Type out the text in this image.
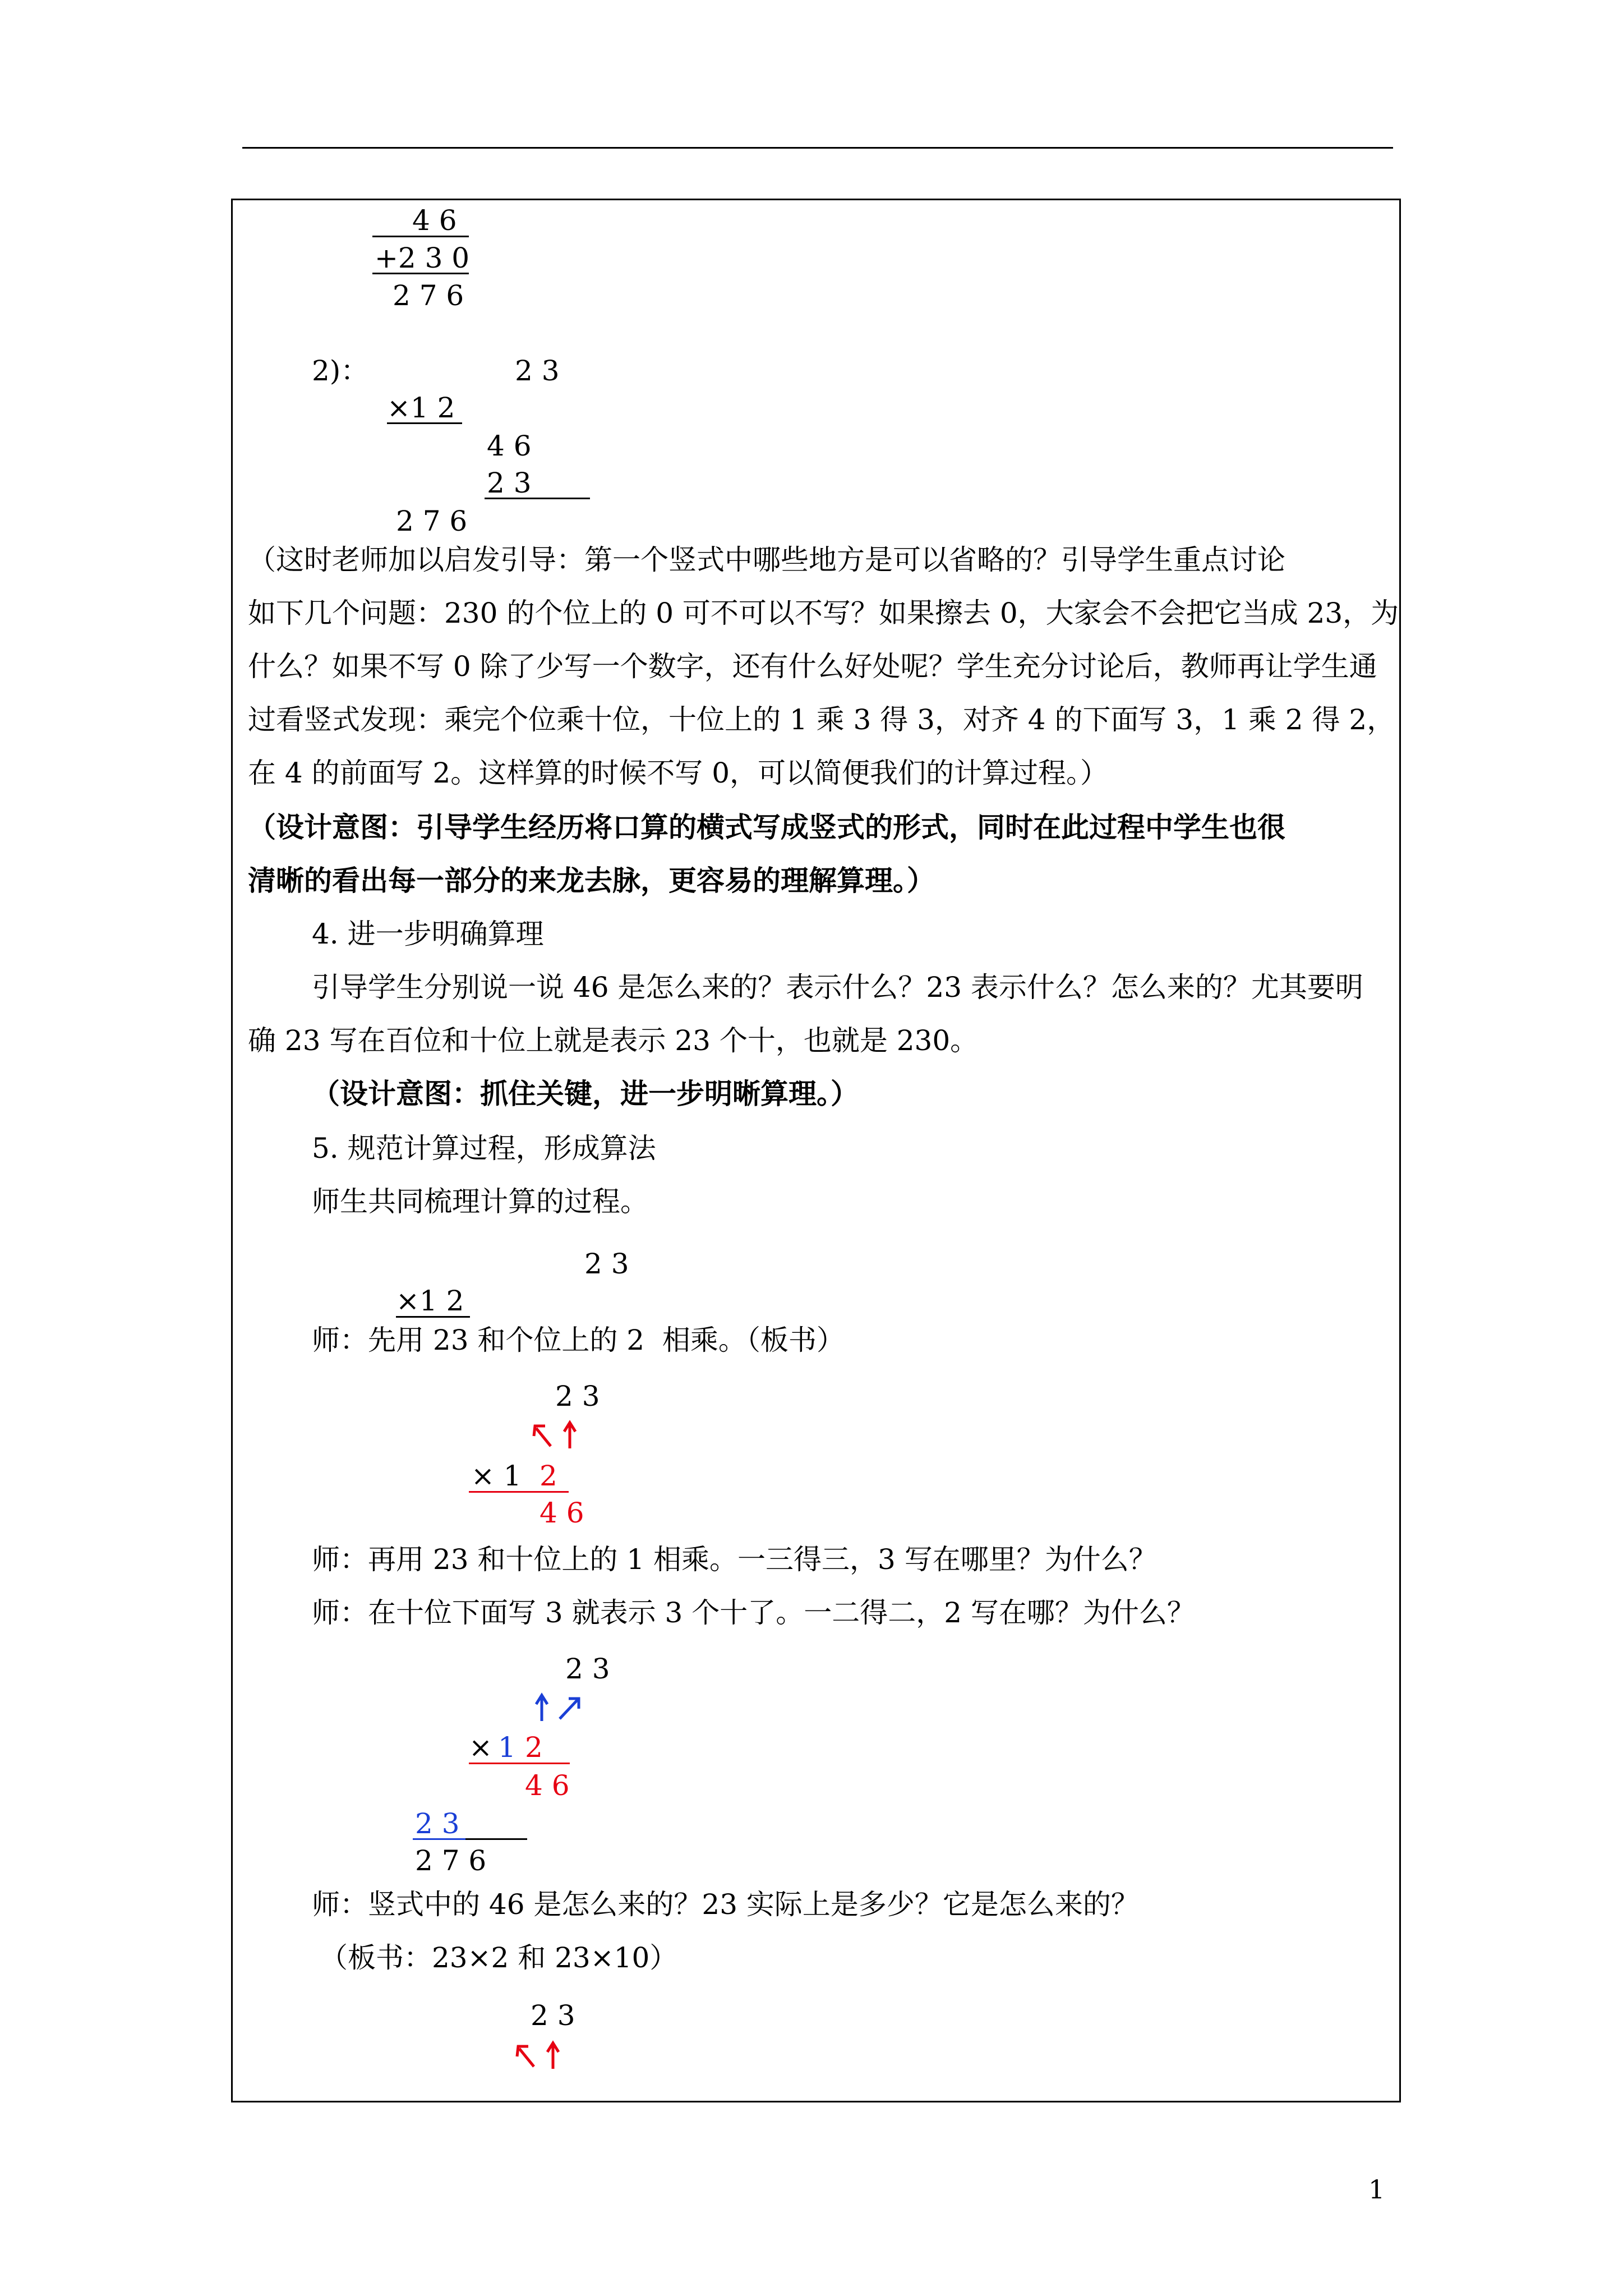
4 6
+2 3 0
2 7 6
2)：	2 3
×1 2
4 6
2 3
2 7 6
（这时老师加以启发引导：第一个竖式中哪些地方是可以省略的？引导学生重点讨论
如下几个问题：230 的个位上的 0 可不可以不写？如果擦去 0，大家会不会把它当成 23，为
什么？如果不写 0 除了少写一个数字，还有什么好处呢？学生充分讨论后，教师再让学生通
过看竖式发现：乘完个位乘十位，十位上的 1 乘 3 得 3，对齐 4 的下面写 3，1 乘 2 得 2，
在 4 的前面写 2。这样算的时候不写 0，可以简便我们的计算过程。）
（设计意图：引导学生经历将口算的横式写成竖式的形式，同时在此过程中学生也很
清晰的看出每一部分的来龙去脉，更容易的理解算理。）
4. 进一步明确算理
引导学生分别说一说 46 是怎么来的？表示什么？23 表示什么？怎么来的？尤其要明
确 23 写在百位和十位上就是表示 23 个十，也就是 230。
（设计意图：抓住关键，进一步明晰算理。）
5. 规范计算过程，形成算法
师生共同梳理计算的过程。
2 3
×1 2
师：先用 23 和个位上的 2  相乘。（板书）
2 3
× 1 2
4 6
师：再用 23 和十位上的 1 相乘。一三得三，3 写在哪里？为什么？
师：在十位下面写 3 就表示 3 个十了。一二得二，2 写在哪？为什么？
2 3
× 1 2
4 6
2 3
2 7 6
师：竖式中的 46 是怎么来的？23 实际上是多少？它是怎么来的？
（板书：23×2 和 23×10）
2 3
1
